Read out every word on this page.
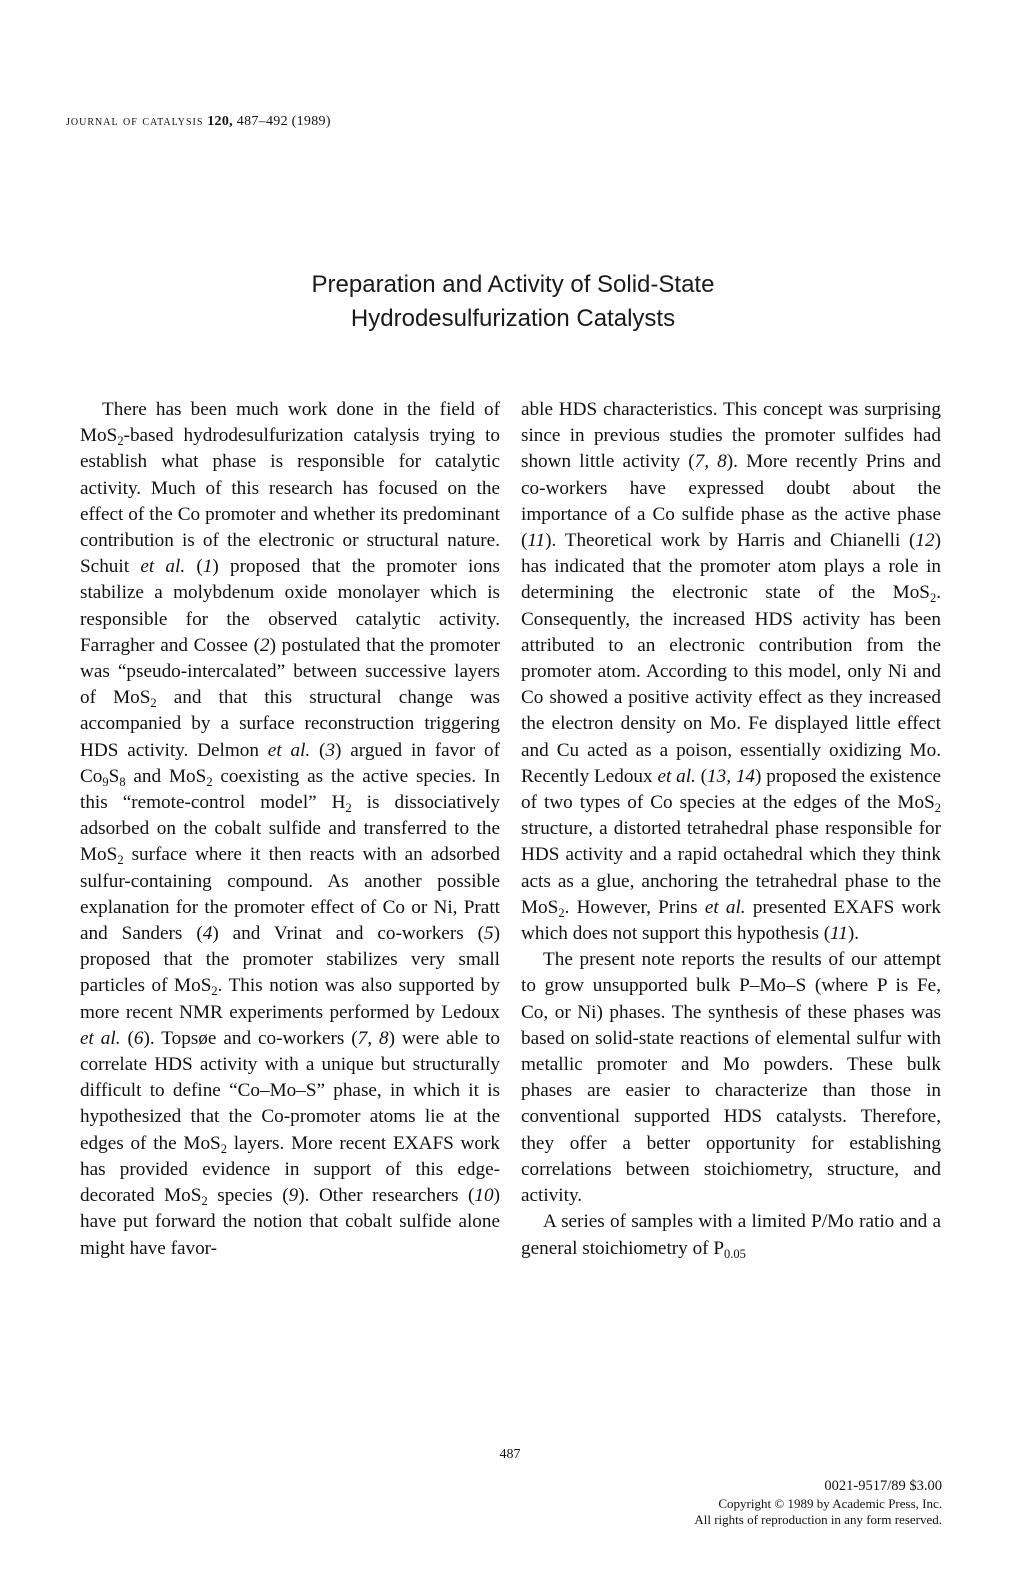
journal of catalysis 120, 487–492 (1989)
Preparation and Activity of Solid-State
Hydrodesulfurization Catalysts

There has been much work done in the field of MoS$_2$-based hydrodesulfurization catalysis trying to establish what phase is responsible for catalytic activity. Much of this research has focused on the effect of the Co promoter and whether its predominant contribution is of the electronic or structural nature. Schuit et al. (1) proposed that the promoter ions stabilize a molybdenum oxide monolayer which is responsible for the observed catalytic activity. Farragher and Cossee (2) postulated that the promoter was “pseudo-intercalated” between successive layers of MoS$_2$ and that this structural change was accompanied by a surface reconstruction triggering HDS activity. Delmon et al. (3) argued in favor of $Co_9S_8$ and MoS$_2$ coexisting as the active species. In this “remote-control model” $H_2$ is dissociatively adsorbed on the cobalt sulfide and transferred to the MoS$_2$ surface where it then reacts with an adsorbed sulfur-containing compound. As another possible explanation for the promoter effect of Co or Ni, Pratt and Sanders (4) and Vrinat and co-workers (5) proposed that the promoter stabilizes very small particles of MoS$_2$. This notion was also supported by more recent NMR experiments performed by Ledoux et al. (6). Topsøe and co-workers (7, 8) were able to correlate HDS activity with a unique but structurally difficult to define “Co–Mo–S” phase, in which it is hypothesized that the Co-promoter atoms lie at the edges of the MoS$_2$ layers. More recent EXAFS work has provided evidence in support of this edge-decorated MoS$_2$ species (9). Other researchers (10) have put forward the notion that cobalt sulfide alone might have favor-

able HDS characteristics. This concept was surprising since in previous studies the promoter sulfides had shown little activity (7, 8). More recently Prins and co-workers have expressed doubt about the importance of a Co sulfide phase as the active phase (11). Theoretical work by Harris and Chianelli (12) has indicated that the promoter atom plays a role in determining the electronic state of the MoS$_2$. Consequently, the increased HDS activity has been attributed to an electronic contribution from the promoter atom. According to this model, only Ni and Co showed a positive activity effect as they increased the electron density on Mo. Fe displayed little effect and Cu acted as a poison, essentially oxidizing Mo. Recently Ledoux et al. (13, 14) proposed the existence of two types of Co species at the edges of the MoS$_2$ structure, a distorted tetrahedral phase responsible for HDS activity and a rapid octahedral which they think acts as a glue, anchoring the tetrahedral phase to the MoS$_2$. However, Prins et al. presented EXAFS work which does not support this hypothesis (11).

The present note reports the results of our attempt to grow unsupported bulk P–Mo–S (where P is Fe, Co, or Ni) phases. The synthesis of these phases was based on solid-state reactions of elemental sulfur with metallic promoter and Mo powders. These bulk phases are easier to characterize than those in conventional supported HDS catalysts. Therefore, they offer a better opportunity for establishing correlations between stoichiometry, structure, and activity.

A series of samples with a limited P/Mo ratio and a general stoichiometry of $P_{0.05}$

487
0021-9517/89 $3.00
Copyright © 1989 by Academic Press, Inc.
All rights of reproduction in any form reserved.
